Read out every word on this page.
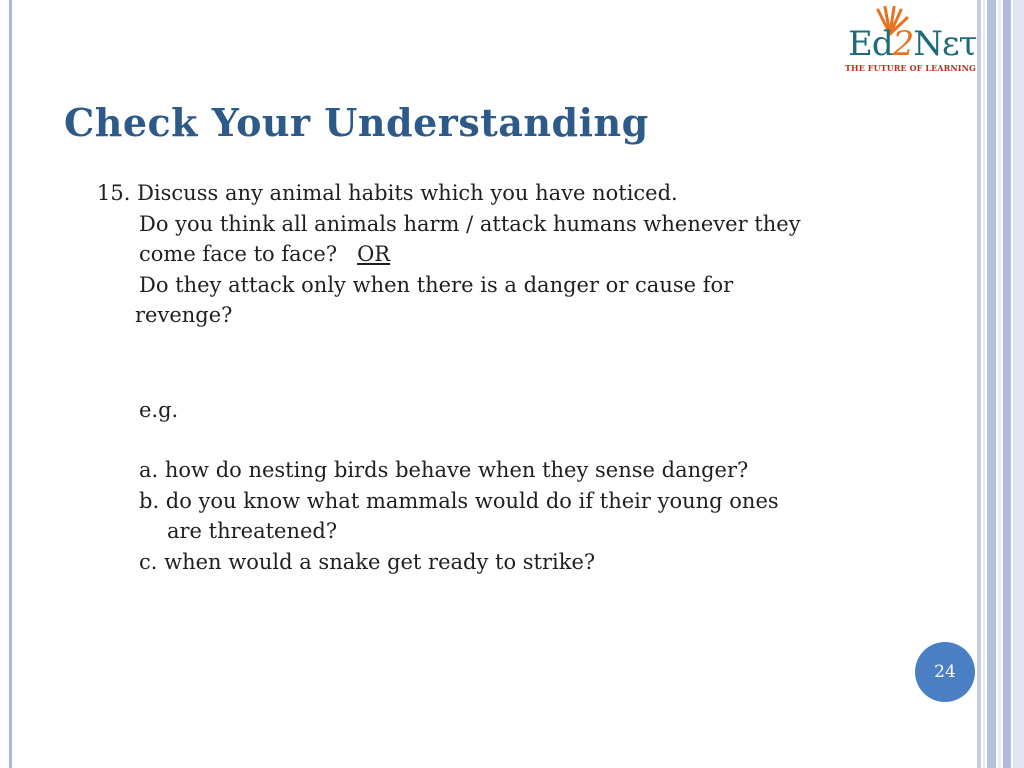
Ed2Nετ
THE FUTURE OF LEARNING
Check Your Understanding
15. Discuss any animal habits which you have noticed.
Do you think all animals harm / attack humans whenever they
come face to face? OR
Do they attack only when there is a danger or cause for
revenge?
e.g.
a. how do nesting birds behave when they sense danger?
b. do you know what mammals would do if their young ones
are threatened?
c. when would a snake get ready to strike?
24
